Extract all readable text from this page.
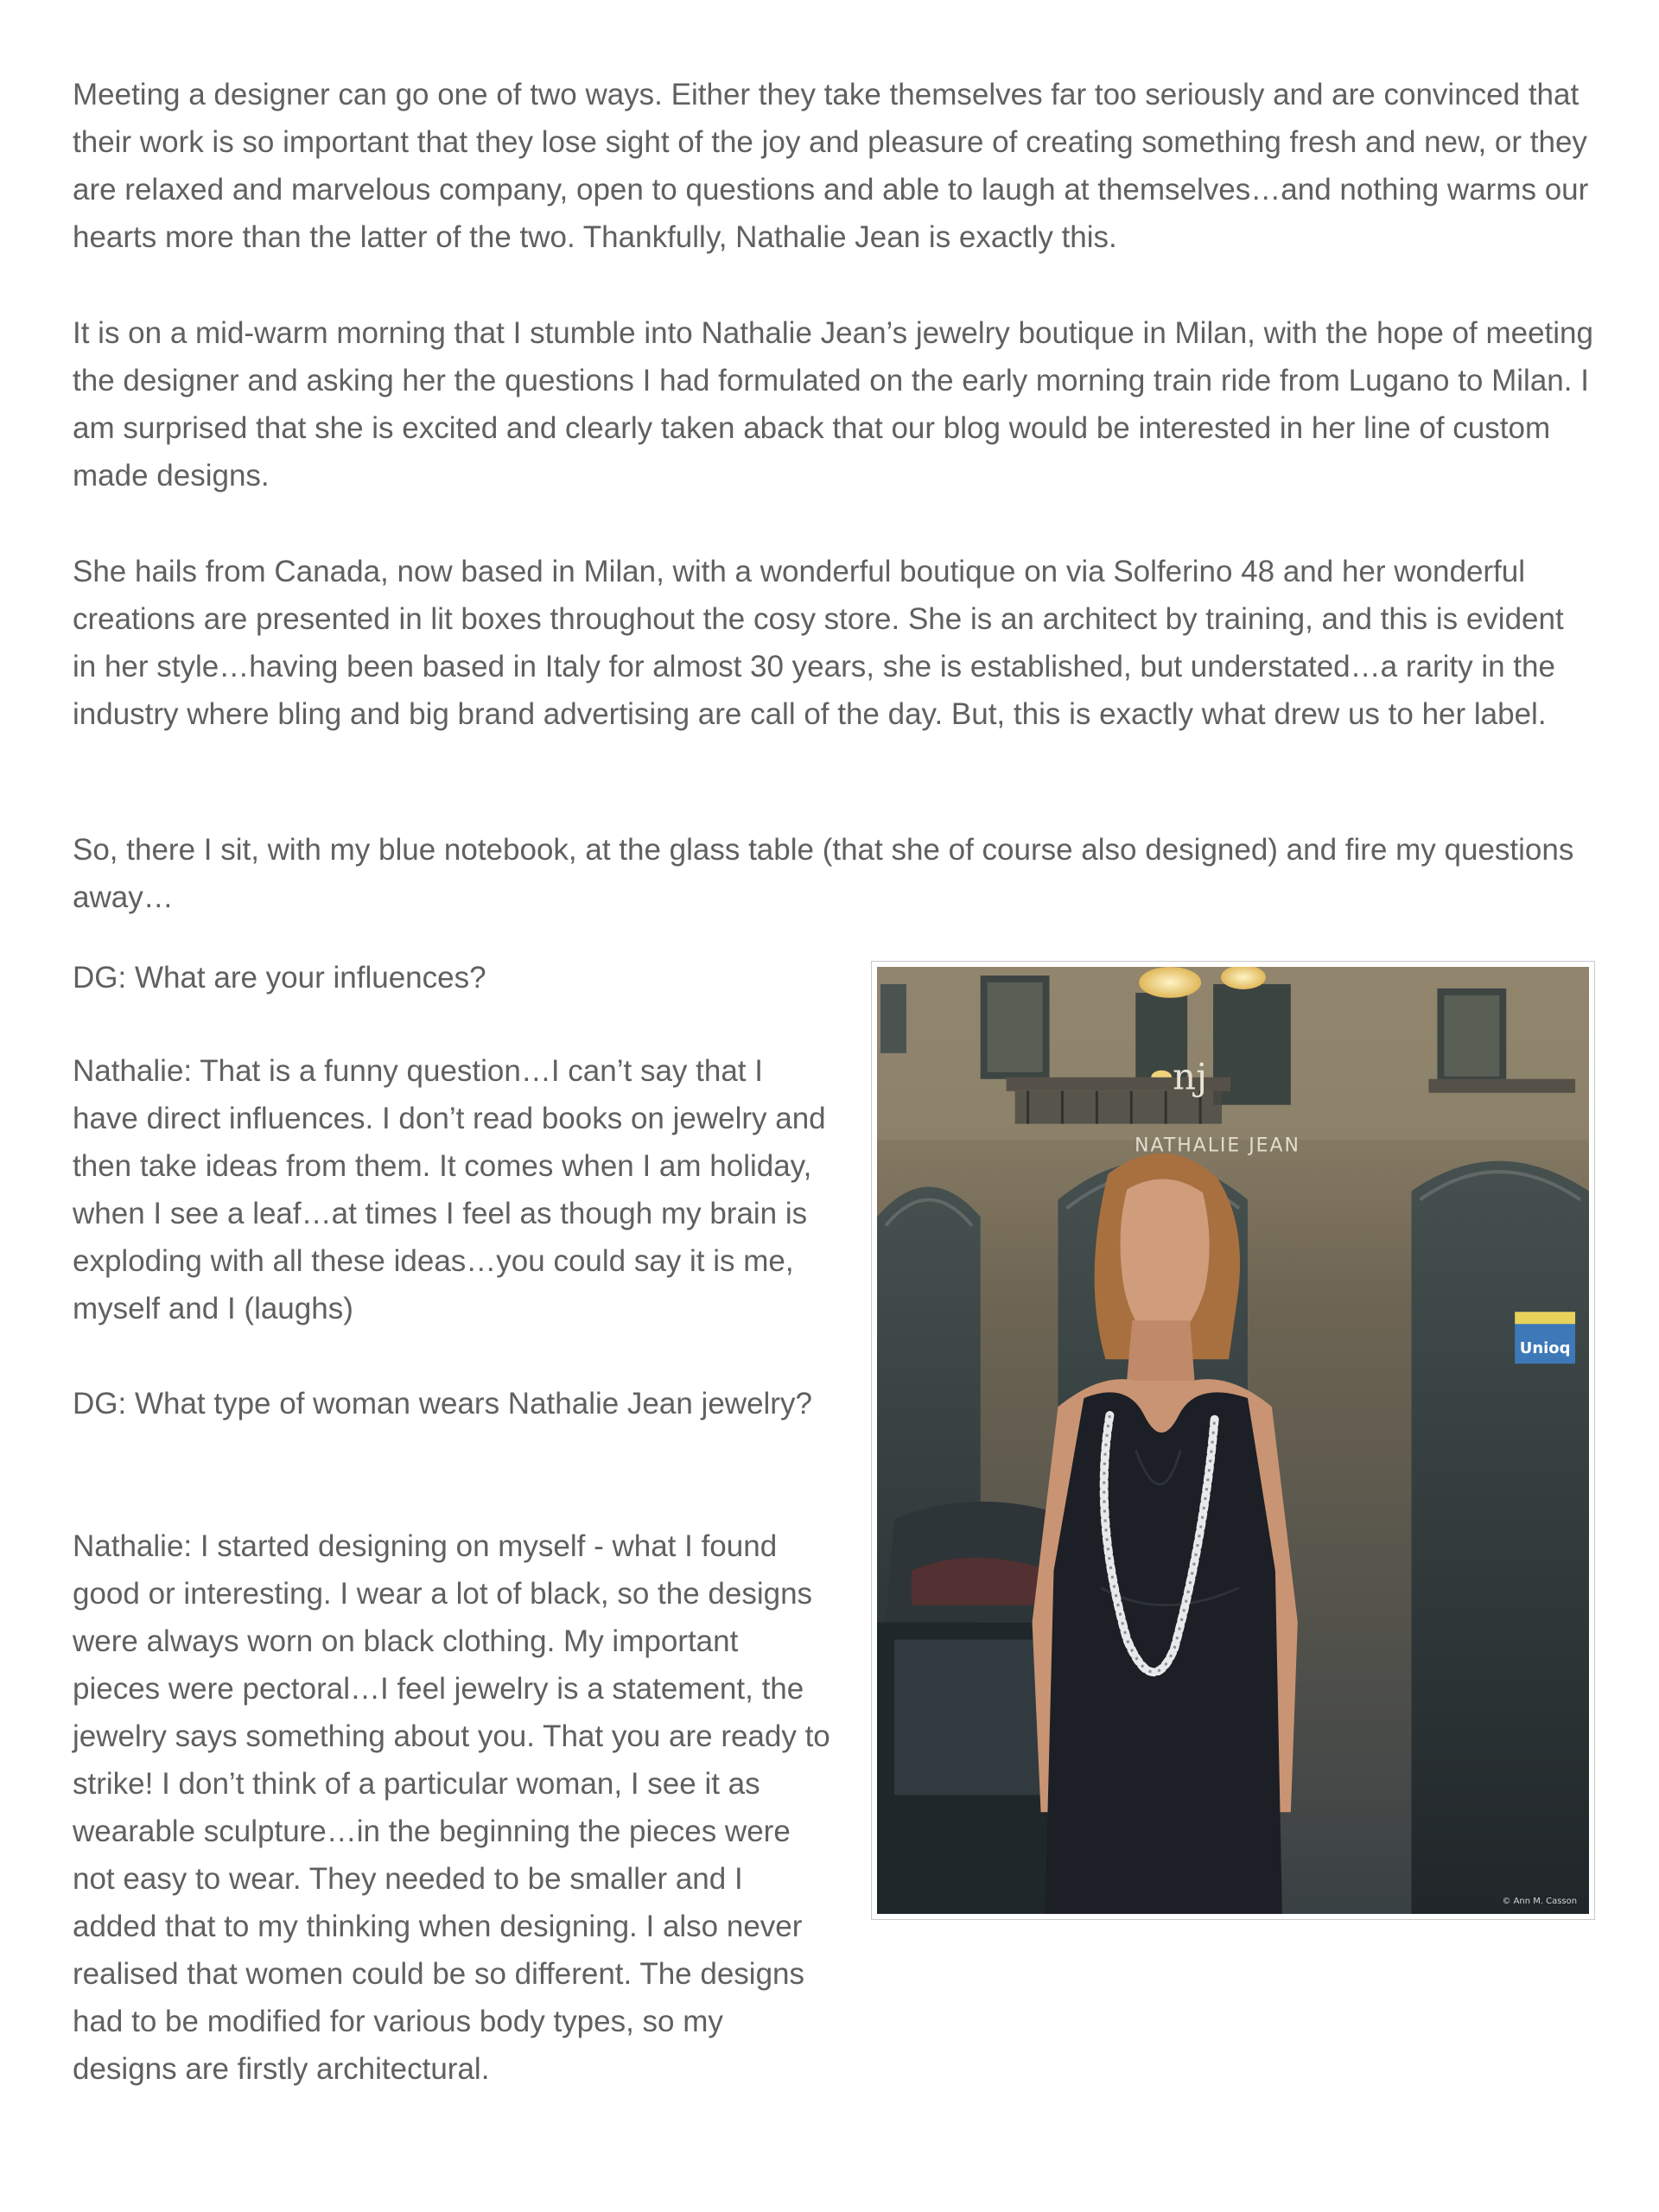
Meeting a designer can go one of two ways. Either they take themselves far too seriously and are convinced that their work is so important that they lose sight of the joy and pleasure of creating something fresh and new, or they are relaxed and marvelous company, open to questions and able to laugh at themselves…and nothing warms our hearts more than the latter of the two. Thankfully, Nathalie Jean is exactly this.

It is on a mid-warm morning that I stumble into Nathalie Jean’s jewelry boutique in Milan, with the hope of meeting the designer and asking her the questions I had formulated on the early morning train ride from Lugano to Milan. I am surprised that she is excited and clearly taken aback that our blog would be interested in her line of custom made designs.

She hails from Canada, now based in Milan, with a wonderful boutique on via Solferino 48 and her wonderful creations are presented in lit boxes throughout the cosy store. She is an architect by training, and this is evident in her style…having been based in Italy for almost 30 years, she is established, but understated…a rarity in the industry where bling and big brand advertising are call of the day. But, this is exactly what drew us to her label.

So, there I sit, with my blue notebook, at the glass table (that she of course also designed) and fire my questions away…

DG: What are your influences?

Nathalie: That is a funny question…I can’t say that I have direct influences. I don’t read books on jewelry and then take ideas from them. It comes when I am holiday, when I see a leaf…at times I feel as though my brain is exploding with all these ideas…you could say it is me, myself and I (laughs)

DG: What type of woman wears Nathalie Jean jewelry?

Nathalie: I started designing on myself - what I found good or interesting. I wear a lot of black, so the designs were always worn on black clothing. My important pieces were pectoral…I feel jewelry is a statement, the jewelry says something about you. That you are ready to strike! I don’t think of a particular woman, I see it as wearable sculpture…in the beginning the pieces were not easy to wear. They needed to be smaller and I added that to my thinking when designing. I also never realised that women could be so different. The designs had to be modified for various body types, so my designs are firstly architectural.

nj
NATHALIE JEAN
Unioq
© Ann M. Casson
